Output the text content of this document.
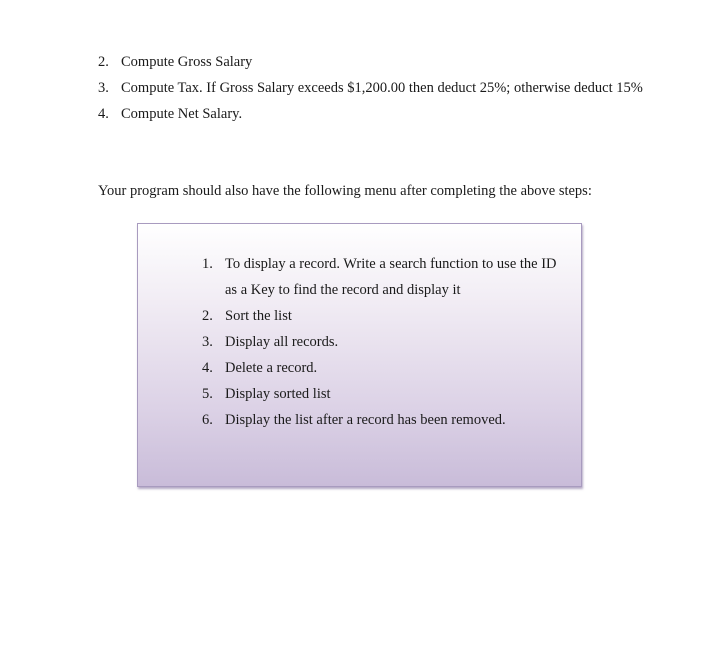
2. Compute Gross Salary
3. Compute Tax. If Gross Salary exceeds $1,200.00 then deduct 25%; otherwise deduct 15%
4. Compute Net Salary.

Your program should also have the following menu after completing the above steps:

1. To display a record. Write a search function to use the ID as a Key to find the record and display it
2. Sort the list
3. Display all records.
4. Delete a record.
5. Display sorted list
6. Display the list after a record has been removed.
